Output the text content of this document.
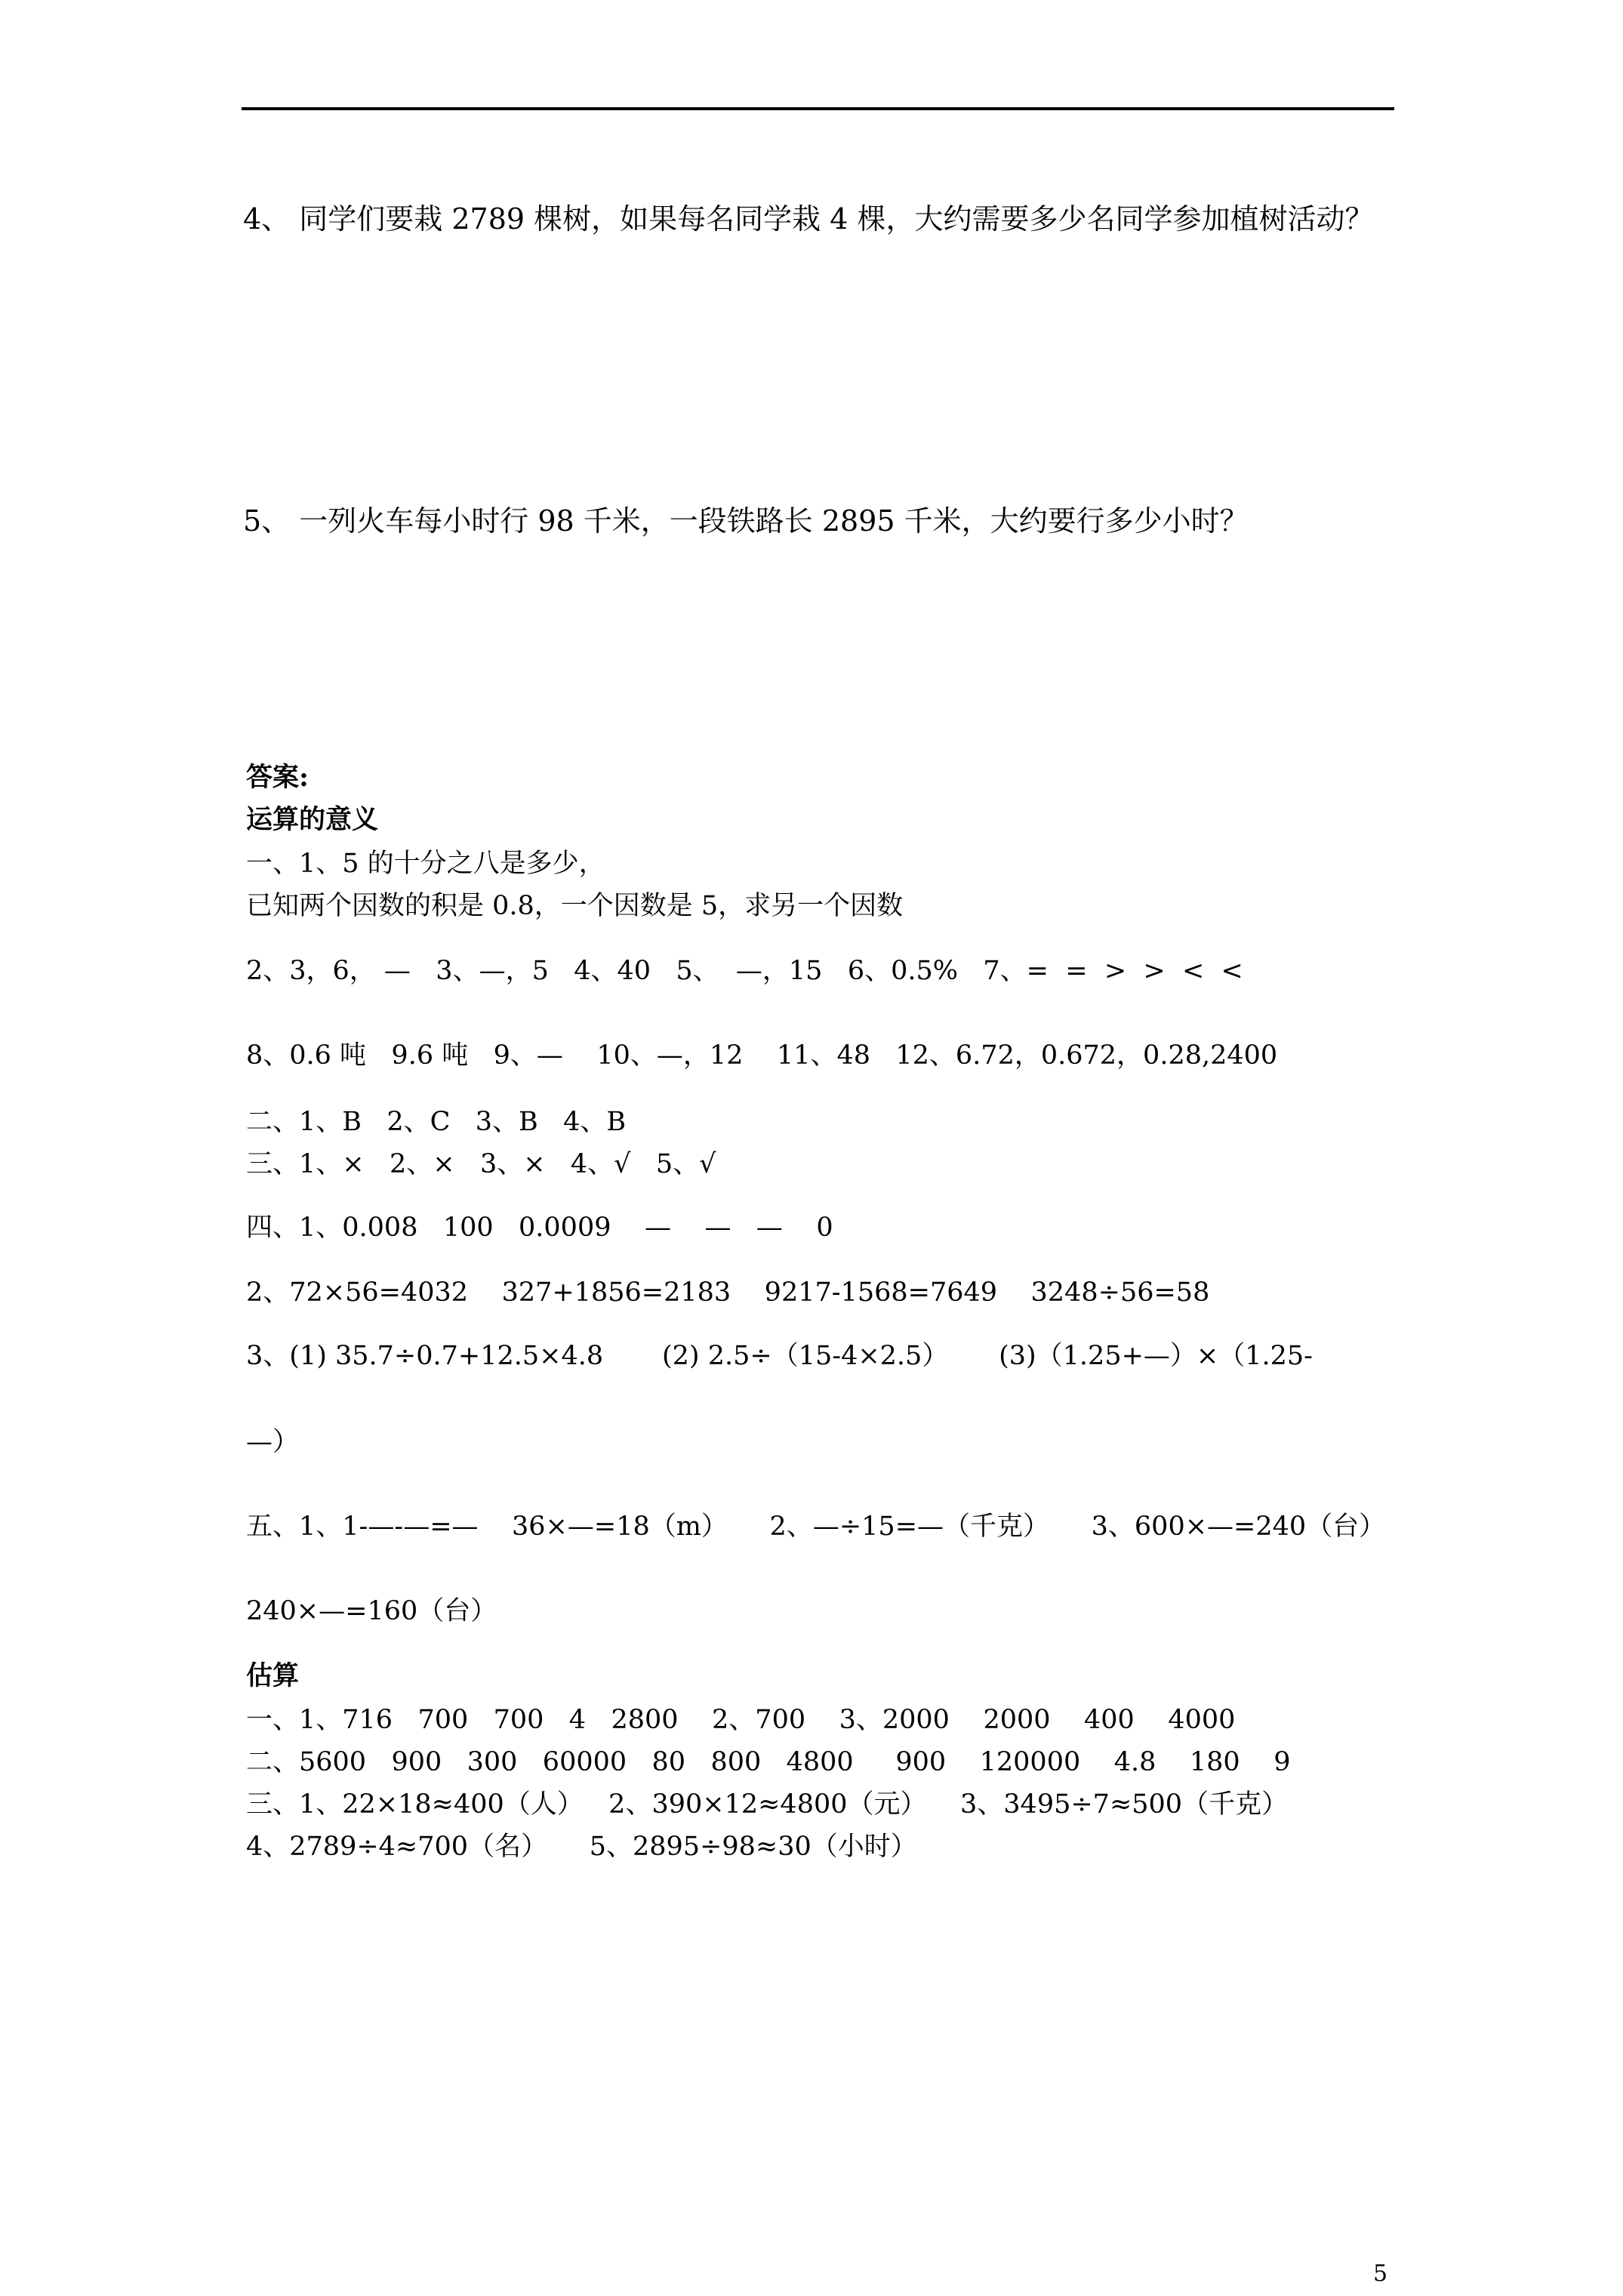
4、 同学们要栽 2789 棵树，如果每名同学栽 4 棵，大约需要多少名同学参加植树活动？
5、 一列火车每小时行 98 千米，一段铁路长 2895 千米，大约要行多少小时？
答案:
运算的意义
一、1、5 的十分之八是多少，
已知两个因数的积是 0.8，一个因数是 5，求另一个因数
2、3，6， —   3、—，5   4、40   5、  —，15   6、0.5%   7、=  =  >  >  <  <
8、0.6 吨   9.6 吨   9、—    10、—，12    11、48   12、6.72，0.672，0.28,2400
二、1、B   2、C   3、B   4、B
三、1、×   2、×   3、×   4、√   5、√
四、1、0.008   100   0.0009    —    —   —    0
2、72×56=4032    327+1856=2183    9217-1568=7649    3248÷56=58
3、(1) 35.7÷0.7+12.5×4.8       (2) 2.5÷（15-4×2.5）      (3)（1.25+—）×（1.25-
—）
五、1、1-—-—=—    36×—=18（m）     2、—÷15=—（千克）     3、600×—=240（台）
240×—=160（台）
估算
一、1、716   700   700   4   2800    2、700    3、2000    2000    400    4000
二、5600   900   300   60000   80   800   4800     900    120000    4.8    180    9
三、1、22×18≈400（人）   2、390×12≈4800（元）    3、3495÷7≈500（千克）
4、2789÷4≈700（名）     5、2895÷98≈30（小时）
5
